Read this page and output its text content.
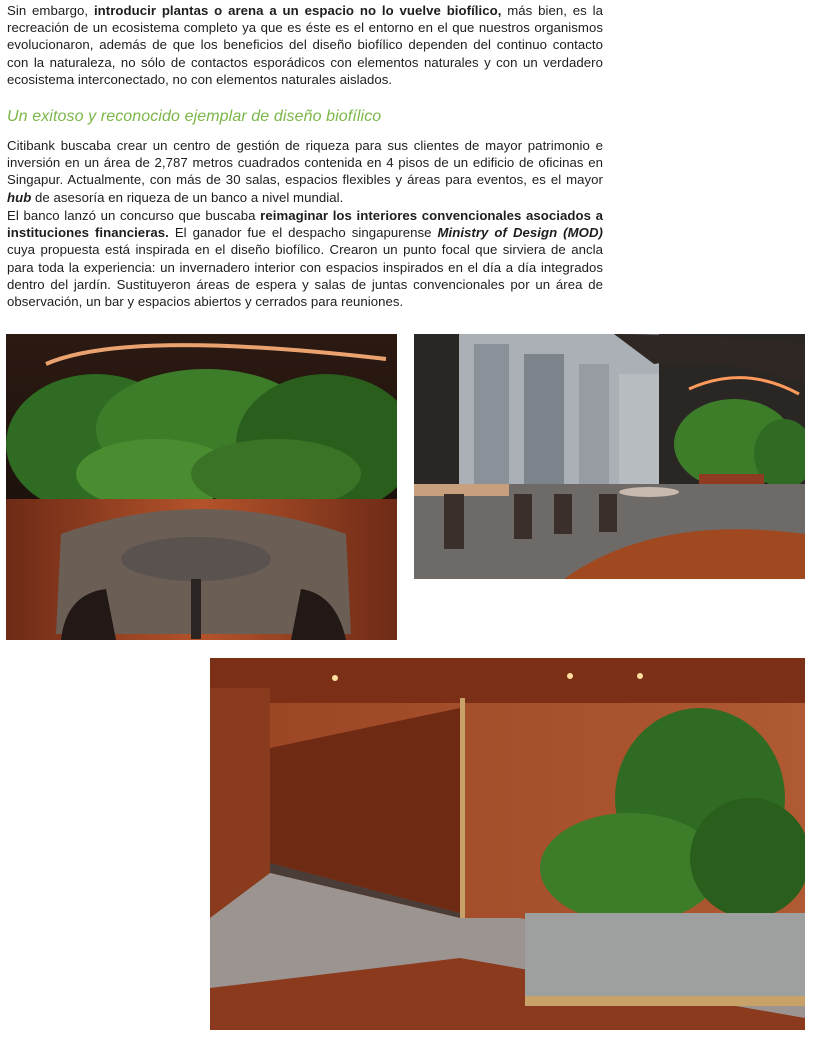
Sin embargo, introducir plantas o arena a un espacio no lo vuelve biofílico, más bien, es la recreación de un ecosistema completo ya que es éste es el entorno en el que nuestros organismos evolucionaron, además de que los beneficios del diseño biofílico dependen del continuo contacto con la naturaleza, no sólo de contactos esporádicos con elementos naturales y con un verdadero ecosistema interconectado, no con elementos naturales aislados.
Un exitoso y reconocido ejemplar de diseño biofílico
Citibank buscaba crear un centro de gestión de riqueza para sus clientes de mayor patrimonio e inversión en un área de 2,787 metros cuadrados contenida en 4 pisos de un edificio de oficinas en Singapur. Actualmente, con más de 30 salas, espacios flexibles y áreas para eventos, es el mayor hub de asesoría en riqueza de un banco a nivel mundial.
El banco lanzó un concurso que buscaba reimaginar los interiores convencionales asociados a instituciones financieras. El ganador fue el despacho singapurense Ministry of Design (MOD) cuya propuesta está inspirada en el diseño biofílico. Crearon un punto focal que sirviera de ancla para toda la experiencia: un invernadero interior con espacios inspirados en el día a día integrados dentro del jardín. Sustituyeron áreas de espera y salas de juntas convencionales por un área de observación, un bar y espacios abiertos y cerrados para reuniones.
